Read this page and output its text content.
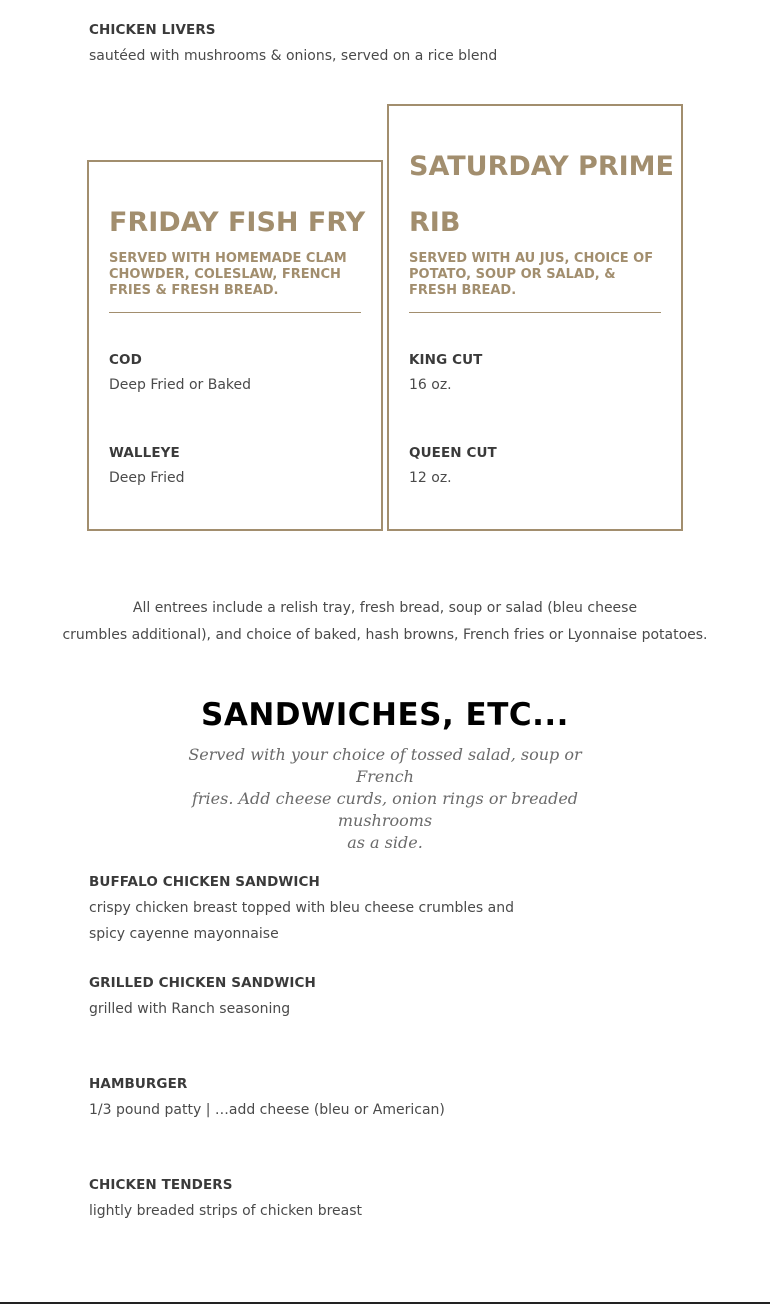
CHICKEN LIVERS
sautéed with mushrooms & onions, served on a rice blend
FRIDAY FISH FRY
SERVED WITH HOMEMADE CLAM CHOWDER, COLESLAW, FRENCH FRIES & FRESH BREAD.
COD
Deep Fried or Baked
WALLEYE
Deep Fried
SATURDAY PRIME
RIB
SERVED WITH AU JUS, CHOICE OF POTATO, SOUP OR SALAD, & FRESH BREAD.
KING CUT
16 oz.
QUEEN CUT
12 oz.
All entrees include a relish tray, fresh bread, soup or salad (bleu cheese
crumbles additional), and choice of baked, hash browns, French fries or Lyonnaise potatoes.
SANDWICHES, ETC...
Served with your choice of tossed salad, soup or French
fries. Add cheese curds, onion rings or breaded mushrooms
as a side.
BUFFALO CHICKEN SANDWICH
crispy chicken breast topped with bleu cheese crumbles and
spicy cayenne mayonnaise
GRILLED CHICKEN SANDWICH
grilled with Ranch seasoning
HAMBURGER
1/3 pound patty | …add cheese (bleu or American)
CHICKEN TENDERS
lightly breaded strips of chicken breast
